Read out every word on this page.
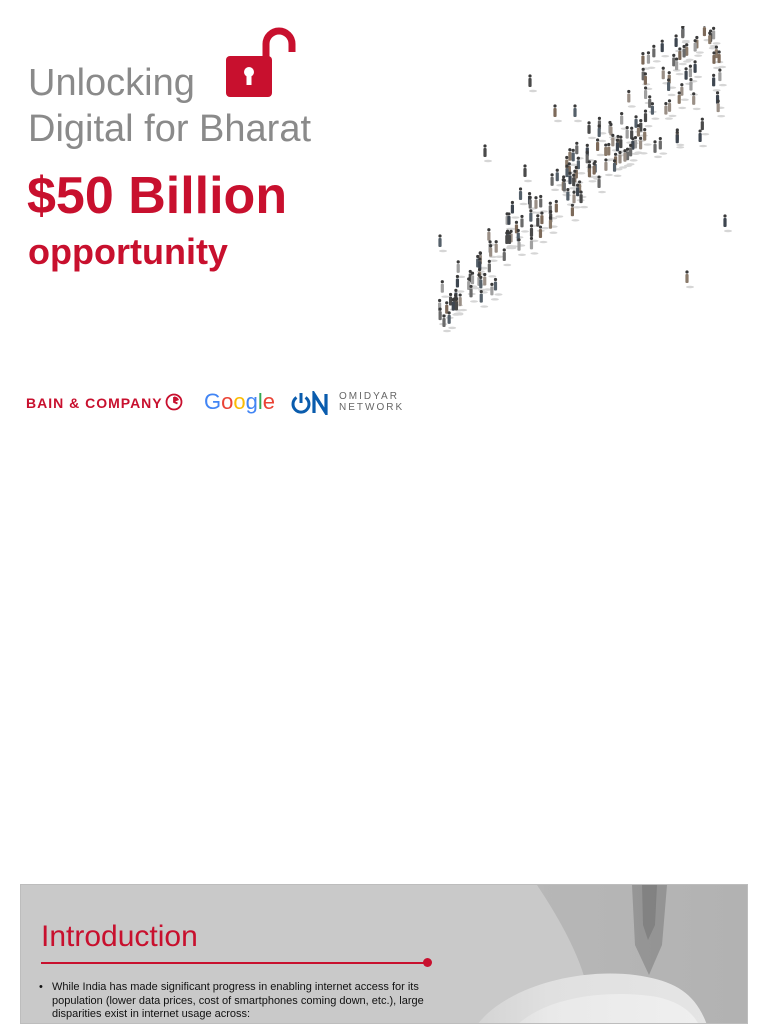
Unlocking
Digital for Bharat
$50 Billion
opportunity
BAIN & COMPANY Google	OMIDYAR
NETWORK
Introduction
• While India has made significant progress in enabling internet access for its population (lower data prices, cost of smartphones coming down, etc.), large disparities exist in internet usage across:
